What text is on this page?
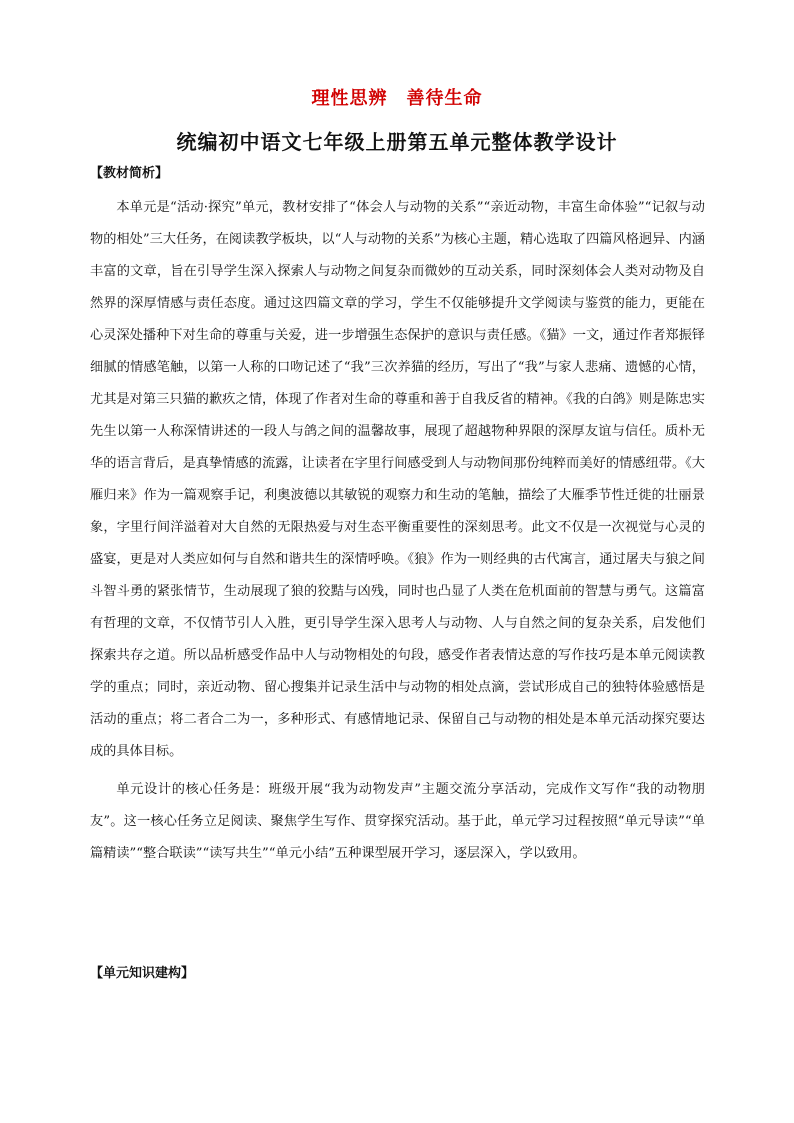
理性思辨　善待生命
统编初中语文七年级上册第五单元整体教学设计
【教材简析】

本单元是“活动·探究”单元，教材安排了“体会人与动物的关系”“亲近动物，丰富生命体验”“记叙与动物的相处”三大任务，在阅读教学板块，以“人与动物的关系”为核心主题，精心选取了四篇风格迥异、内涵丰富的文章，旨在引导学生深入探索人与动物之间复杂而微妙的互动关系，同时深刻体会人类对动物及自然界的深厚情感与责任态度。通过这四篇文章的学习，学生不仅能够提升文学阅读与鉴赏的能力，更能在心灵深处播种下对生命的尊重与关爱，进一步增强生态保护的意识与责任感。《猫》一文，通过作者郑振铎细腻的情感笔触，以第一人称的口吻记述了“我”三次养猫的经历，写出了“我”与家人悲痛、遗憾的心情，尤其是对第三只猫的歉疚之情，体现了作者对生命的尊重和善于自我反省的精神。《我的白鸽》则是陈忠实先生以第一人称深情讲述的一段人与鸽之间的温馨故事，展现了超越物种界限的深厚友谊与信任。质朴无华的语言背后，是真挚情感的流露，让读者在字里行间感受到人与动物间那份纯粹而美好的情感纽带。《大雁归来》作为一篇观察手记，利奥波德以其敏锐的观察力和生动的笔触，描绘了大雁季节性迁徙的壮丽景象，字里行间洋溢着对大自然的无限热爱与对生态平衡重要性的深刻思考。此文不仅是一次视觉与心灵的盛宴，更是对人类应如何与自然和谐共生的深情呼唤。《狼》作为一则经典的古代寓言，通过屠夫与狼之间斗智斗勇的紧张情节，生动展现了狼的狡黠与凶残，同时也凸显了人类在危机面前的智慧与勇气。这篇富有哲理的文章，不仅情节引人入胜，更引导学生深入思考人与动物、人与自然之间的复杂关系，启发他们探索共存之道。所以品析感受作品中人与动物相处的句段，感受作者表情达意的写作技巧是本单元阅读教学的重点；同时，亲近动物、留心搜集并记录生活中与动物的相处点滴，尝试形成自己的独特体验感悟是活动的重点；将二者合二为一，多种形式、有感情地记录、保留自己与动物的相处是本单元活动探究要达成的具体目标。

单元设计的核心任务是：班级开展“我为动物发声”主题交流分享活动，完成作文写作“我的动物朋友”。这一核心任务立足阅读、聚焦学生写作、贯穿探究活动。基于此，单元学习过程按照“单元导读”“单篇精读”“整合联读”“读写共生”“单元小结”五种课型展开学习，逐层深入，学以致用。

【单元知识建构】
